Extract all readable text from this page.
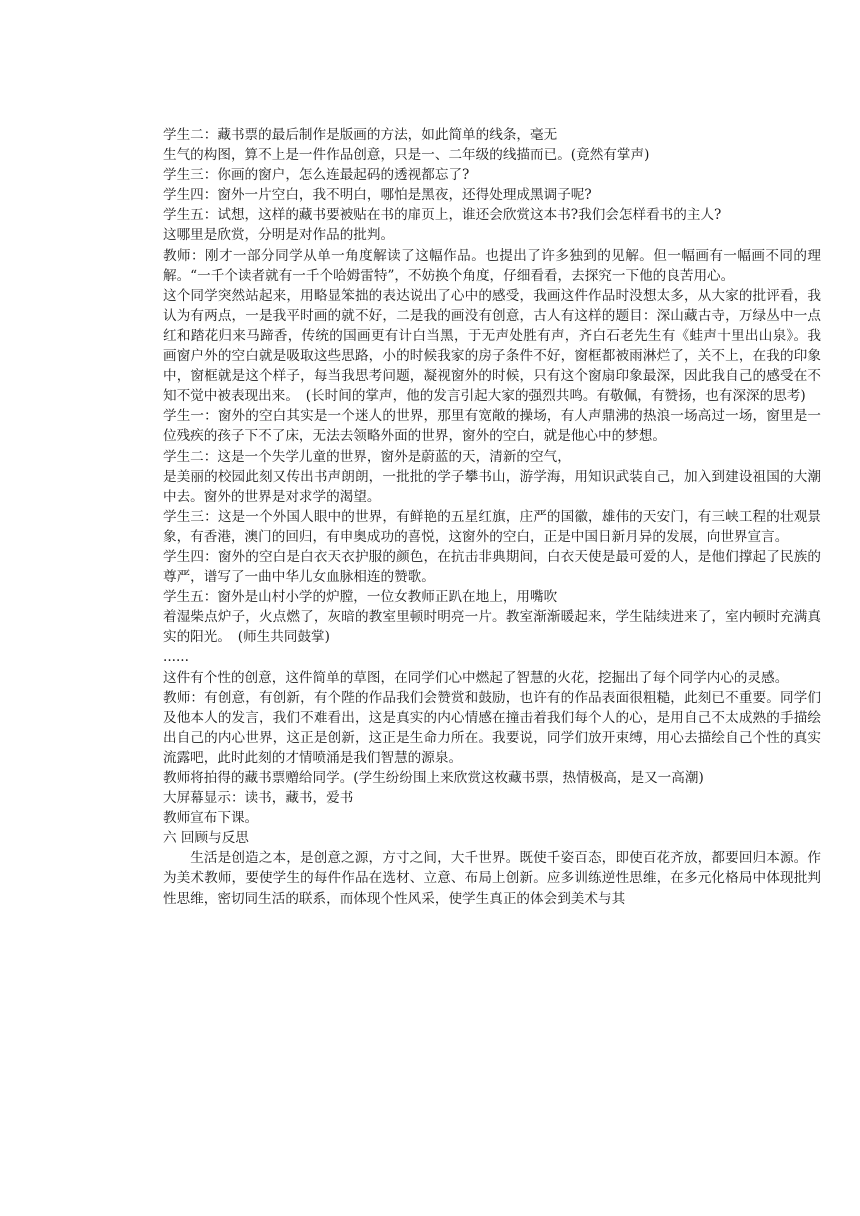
学生二：藏书票的最后制作是版画的方法，如此简单的线条，毫无

生气的构图，算不上是一件作品创意，只是一、二年级的线描而已。(竟然有掌声)

学生三：你画的窗户，怎么连最起码的透视都忘了?

学生四：窗外一片空白，我不明白，哪怕是黑夜，还得处理成黑调子呢?

学生五：试想，这样的藏书要被贴在书的扉页上，谁还会欣赏这本书?我们会怎样看书的主人?

这哪里是欣赏，分明是对作品的批判。

教师：刚才一部分同学从单一角度解读了这幅作品。也提出了许多独到的见解。但一幅画有一幅画不同的理解。“一千个读者就有一千个哈姆雷特”，不妨换个角度，仔细看看，去探究一下他的良苦用心。

这个同学突然站起来，用略显笨拙的表达说出了心中的感受，我画这件作品时没想太多，从大家的批评看，我认为有两点，一是我平时画的就不好，二是我的画没有创意，古人有这样的题目：深山藏古寺，万绿丛中一点红和踏花归来马蹄香，传统的国画更有计白当黑，于无声处胜有声，齐白石老先生有《蛙声十里出山泉》。我画窗户外的空白就是吸取这些思路，小的时候我家的房子条件不好，窗框都被雨淋烂了，关不上，在我的印象中，窗框就是这个样子，每当我思考问题，凝视窗外的时候，只有这个窗扇印象最深，因此我自己的感受在不知不觉中被表现出来。　(长时间的掌声，他的发言引起大家的强烈共鸣。有敬佩，有赞扬，也有深深的思考)

学生一：窗外的空白其实是一个迷人的世界，那里有宽敞的操场，有人声鼎沸的热浪一场高过一场，窗里是一位残疾的孩子下不了床，无法去领略外面的世界，窗外的空白，就是他心中的梦想。

学生二：这是一个失学儿童的世界，窗外是蔚蓝的天，清新的空气，

是美丽的校园此刻又传出书声朗朗，一批批的学子攀书山，游学海，用知识武装自己，加入到建设祖国的大潮中去。窗外的世界是对求学的渴望。

学生三：这是一个外国人眼中的世界，有鲜艳的五星红旗，庄严的国徽，雄伟的天安门，有三峡工程的壮观景象，有香港，澳门的回归，有申奥成功的喜悦，这窗外的空白，正是中国日新月异的发展，向世界宣言。

学生四：窗外的空白是白衣天衣护服的颜色，在抗击非典期间，白衣天使是最可爱的人，是他们撑起了民族的尊严，谱写了一曲中华儿女血脉相连的赞歌。

学生五：窗外是山村小学的炉膛，一位女教师正趴在地上，用嘴吹

着湿柴点炉子，火点燃了，灰暗的教室里顿时明亮一片。教室渐渐暖起来，学生陆续进来了，室内顿时充满真实的阳光。　(师生共同鼓掌)

......

这件有个性的创意，这件简单的草图，在同学们心中燃起了智慧的火花，挖掘出了每个同学内心的灵感。

教师：有创意，有创新，有个陛的作品我们会赞赏和鼓励，也许有的作品表面很粗糙，此刻已不重要。同学们及他本人的发言，我们不难看出，这是真实的内心情感在撞击着我们每个人的心，是用自己不太成熟的手描绘出自己的内心世界，这正是创新，这正是生命力所在。我要说，同学们放开束缚，用心去描绘自己个性的真实流露吧，此时此刻的才情喷涌是我们智慧的源泉。

教师将拍得的藏书票赠给同学。(学生纷纷围上来欣赏这枚藏书票，热情极高，是又一高潮)

大屏幕显示：读书，藏书，爱书

教师宣布下课。

六 回顾与反思

生活是创造之本，是创意之源，方寸之间，大千世界。既使千姿百态，即使百花齐放，都要回归本源。作为美术教师，要使学生的每件作品在选材、立意、布局上创新。应多训练逆性思维，在多元化格局中体现批判性思维，密切同生活的联系，而体现个性风采，使学生真正的体会到美术与其
